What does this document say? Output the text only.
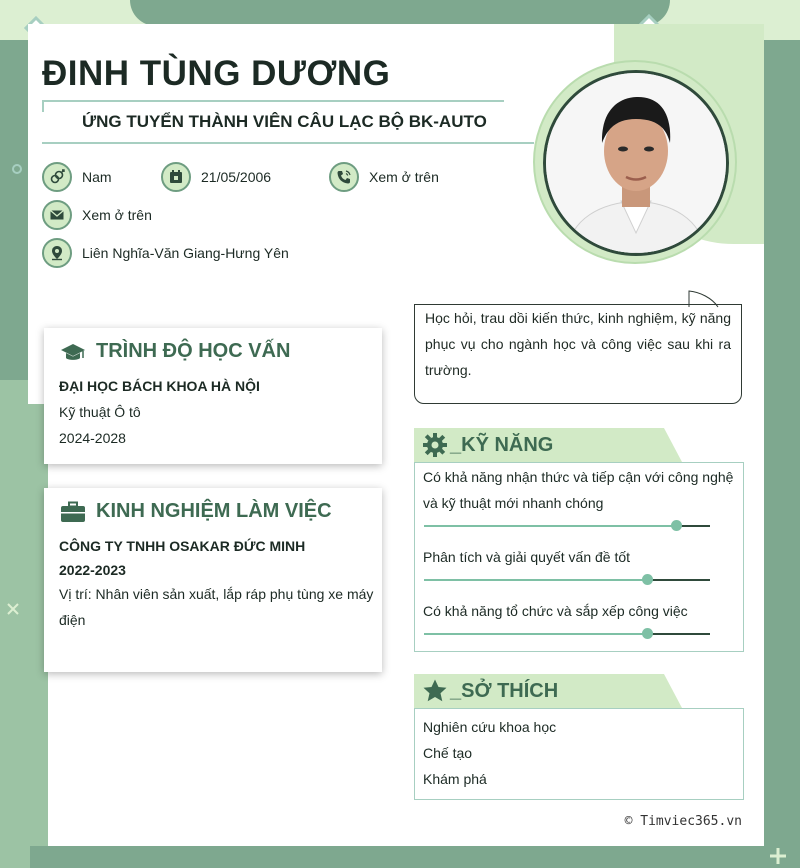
ĐINH TÙNG DƯƠNG
ỨNG TUYỂN THÀNH VIÊN CÂU LẠC BỘ BK-AUTO
Nam	21/05/2006	Xem ở trên
Xem ở trên
Liên Nghĩa-Văn Giang-Hưng Yên
TRÌNH ĐỘ HỌC VẤN
ĐẠI HỌC BÁCH KHOA HÀ NỘI
Kỹ thuật Ô tô
2024-2028
KINH NGHIỆM LÀM VIỆC
CÔNG TY TNHH OSAKAR ĐỨC MINH
2022-2023
Vị trí: Nhân viên sản xuất, lắp ráp phụ tùng xe máy
điện
Học hỏi, trau dồi kiến thức, kinh nghiệm, kỹ năng phục vụ cho ngành học và công việc sau khi ra trường.
_KỸ NĂNG
Có khả năng nhận thức và tiếp cận với công nghệ
và kỹ thuật mới nhanh chóng
Phân tích và giải quyết vấn đề tốt
Có khả năng tổ chức và sắp xếp công việc
_SỞ THÍCH
Nghiên cứu khoa học
Chế tạo
Khám phá
© Timviec365.vn
